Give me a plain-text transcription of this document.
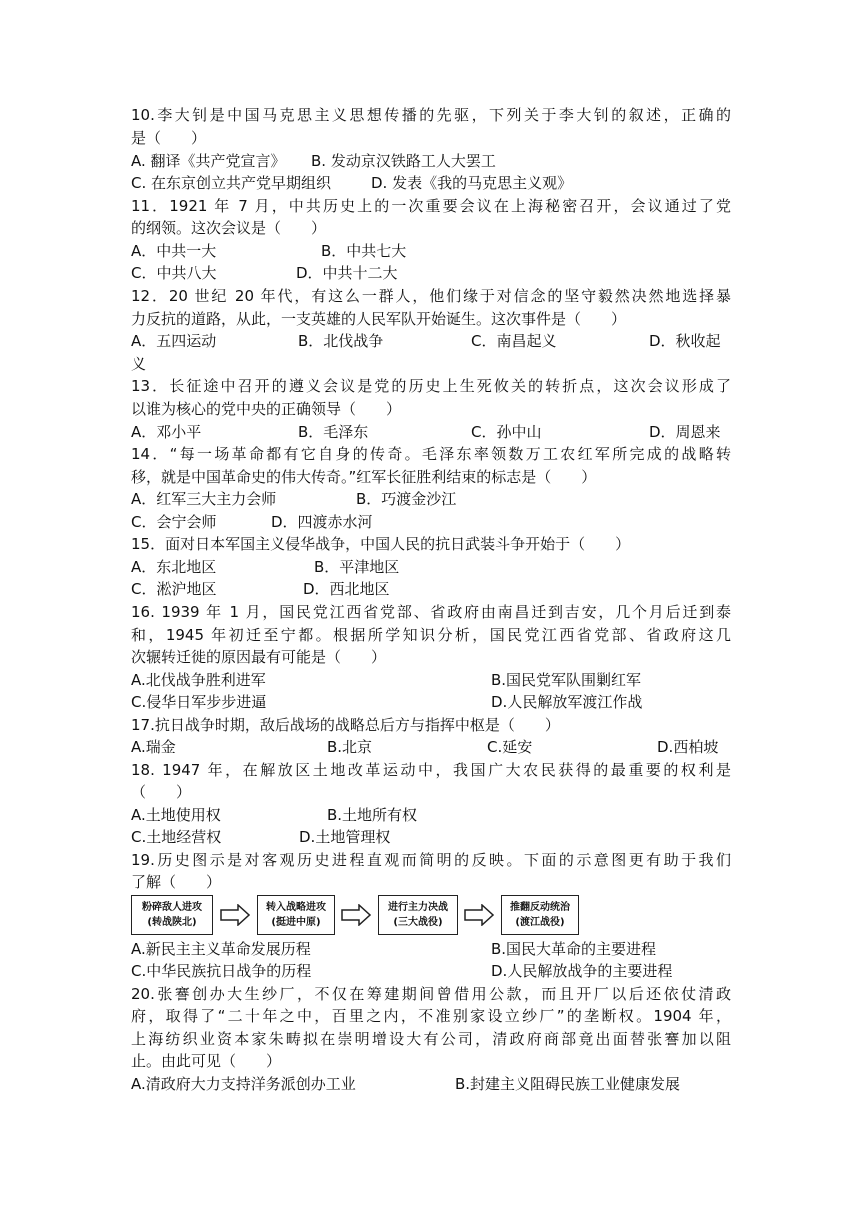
10.李大钊是中国马克思主义思想传播的先驱，下列关于李大钊的叙述，正确的
是（　　）
A. 翻译《共产党宣言》 B. 发动京汉铁路工人大罢工
C. 在东京创立共产党早期组织	D. 发表《我的马克思主义观》
11．1921 年 7 月，中共历史上的一次重要会议在上海秘密召开，会议通过了党
的纲领。这次会议是（　　）
A．中共一大	B．中共七大
C．中共八大	D．中共十二大
12．20 世纪 20 年代，有这么一群人，他们缘于对信念的坚守毅然决然地选择暴
力反抗的道路，从此，一支英雄的人民军队开始诞生。这次事件是（　　）
A．五四运动	B．北伐战争	C．南昌起义	D．秋收起
义
13．长征途中召开的遵义会议是党的历史上生死攸关的转折点，这次会议形成了
以谁为核心的党中央的正确领导（　　）
A．邓小平	B．毛泽东	C．孙中山	D．周恩来
14．“每一场革命都有它自身的传奇。毛泽东率领数万工农红军所完成的战略转
移，就是中国革命史的伟大传奇。”红军长征胜利结束的标志是（　　）
A．红军三大主力会师	B．巧渡金沙江
C．会宁会师	D．四渡赤水河
15．面对日本军国主义侵华战争，中国人民的抗日武装斗争开始于（　　）
A．东北地区	B．平津地区
C．淞沪地区	D．西北地区
16. 1939 年 1 月，国民党江西省党部、省政府由南昌迁到吉安，几个月后迁到泰
和，1945 年初迁至宁都。根据所学知识分析，国民党江西省党部、省政府这几
次辗转迁徙的原因最有可能是（　　）
A.北伐战争胜利进军	B.国民党军队围剿红军
C.侵华日军步步进逼	D.人民解放军渡江作战
17.抗日战争时期，敌后战场的战略总后方与指挥中枢是（　　）
A.瑞金	B.北京	C.延安	D.西柏坡
18. 1947 年，在解放区土地改革运动中，我国广大农民获得的最重要的权利是
（　　）
A.土地使用权	B.土地所有权
C.土地经营权	D.土地管理权
19.历史图示是对客观历史进程直观而简明的反映。下面的示意图更有助于我们
了解（　　）
粉碎敌人进攻
(转战陕北)
转入战略进攻
(挺进中原)
进行主力决战
(三大战役)
推翻反动统治
(渡江战役)
A.新民主主义革命发展历程	B.国民大革命的主要进程
C.中华民族抗日战争的历程	D.人民解放战争的主要进程
20.张謇创办大生纱厂，不仅在筹建期间曾借用公款，而且开厂以后还依仗清政
府，取得了“二十年之中，百里之内，不准别家设立纱厂”的垄断权。1904 年，
上海纺织业资本家朱畴拟在崇明增设大有公司，清政府商部竟出面替张謇加以阻
止。由此可见（　　）
A.清政府大力支持洋务派创办工业	B.封建主义阻碍民族工业健康发展
